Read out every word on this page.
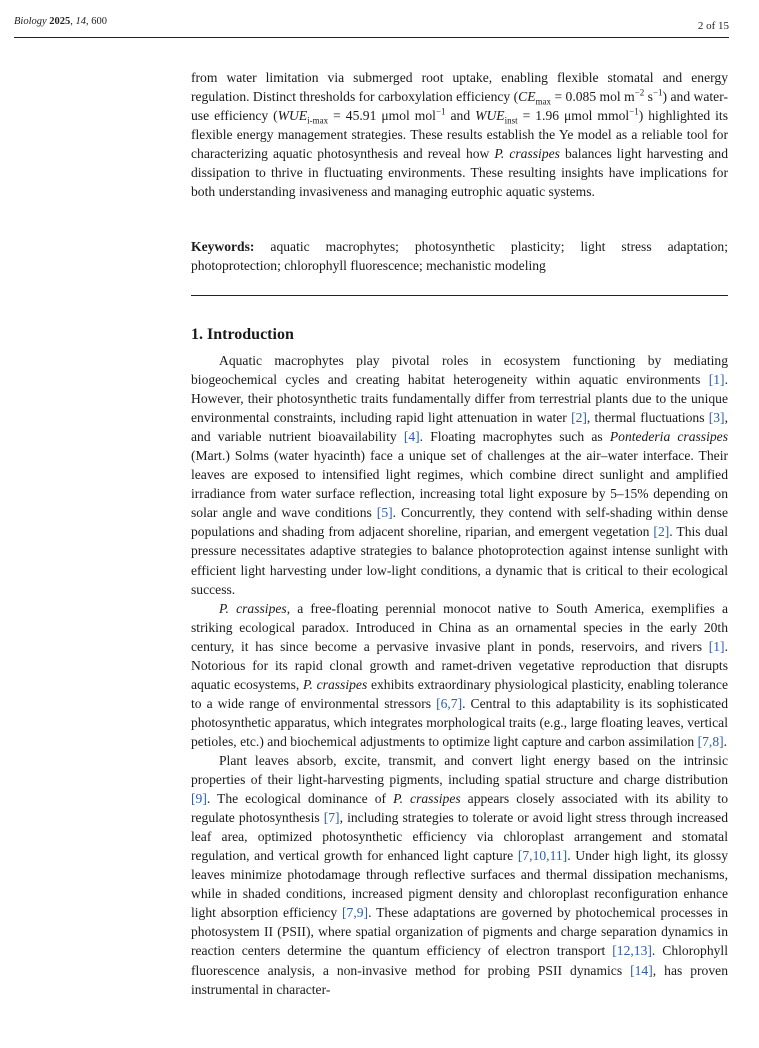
Biology 2025, 14, 600	2 of 15
from water limitation via submerged root uptake, enabling flexible stomatal and energy regulation. Distinct thresholds for carboxylation efficiency ($CE_{max} = 0.085$ mol $m^{-2}$ $s^{-1}$) and water-use efficiency ($WUE_{i-max} = 45.91$ μmol mol$^{-1}$ and $WUE_{inst} = 1.96$ μmol mmol$^{-1}$) highlighted its flexible energy management strategies. These results establish the Ye model as a reliable tool for characterizing aquatic photosynthesis and reveal how P. crassipes balances light harvesting and dissipation to thrive in fluctuating environments. These resulting insights have implications for both understanding invasiveness and managing eutrophic aquatic systems.
Keywords: aquatic macrophytes; photosynthetic plasticity; light stress adaptation; photoprotection; chlorophyll fluorescence; mechanistic modeling
1. Introduction

Aquatic macrophytes play pivotal roles in ecosystem functioning by mediating biogeochemical cycles and creating habitat heterogeneity within aquatic environments [1]. However, their photosynthetic traits fundamentally differ from terrestrial plants due to the unique environmental constraints, including rapid light attenuation in water [2], thermal fluctuations [3], and variable nutrient bioavailability [4]. Floating macrophytes such as Pontederia crassipes (Mart.) Solms (water hyacinth) face a unique set of challenges at the air–water interface. Their leaves are exposed to intensified light regimes, which combine direct sunlight and amplified irradiance from water surface reflection, increasing total light exposure by 5–15% depending on solar angle and wave conditions [5]. Concurrently, they contend with self-shading within dense populations and shading from adjacent shoreline, riparian, and emergent vegetation [2]. This dual pressure necessitates adaptive strategies to balance photoprotection against intense sunlight with efficient light harvesting under low-light conditions, a dynamic that is critical to their ecological success.

P. crassipes, a free-floating perennial monocot native to South America, exemplifies a striking ecological paradox. Introduced in China as an ornamental species in the early 20th century, it has since become a pervasive invasive plant in ponds, reservoirs, and rivers [1]. Notorious for its rapid clonal growth and ramet-driven vegetative reproduction that disrupts aquatic ecosystems, P. crassipes exhibits extraordinary physiological plasticity, enabling tolerance to a wide range of environmental stressors [6,7]. Central to this adaptability is its sophisticated photosynthetic apparatus, which integrates morphological traits (e.g., large floating leaves, vertical petioles, etc.) and biochemical adjustments to optimize light capture and carbon assimilation [7,8].

Plant leaves absorb, excite, transmit, and convert light energy based on the intrinsic properties of their light-harvesting pigments, including spatial structure and charge distribution [9]. The ecological dominance of P. crassipes appears closely associated with its ability to regulate photosynthesis [7], including strategies to tolerate or avoid light stress through increased leaf area, optimized photosynthetic efficiency via chloroplast arrangement and stomatal regulation, and vertical growth for enhanced light capture [7,10,11]. Under high light, its glossy leaves minimize photodamage through reflective surfaces and thermal dissipation mechanisms, while in shaded conditions, increased pigment density and chloroplast reconfiguration enhance light absorption efficiency [7,9]. These adaptations are governed by photochemical processes in photosystem II (PSII), where spatial organization of pigments and charge separation dynamics in reaction centers determine the quantum efficiency of electron transport [12,13]. Chlorophyll fluorescence analysis, a non-invasive method for probing PSII dynamics [14], has proven instrumental in character-
